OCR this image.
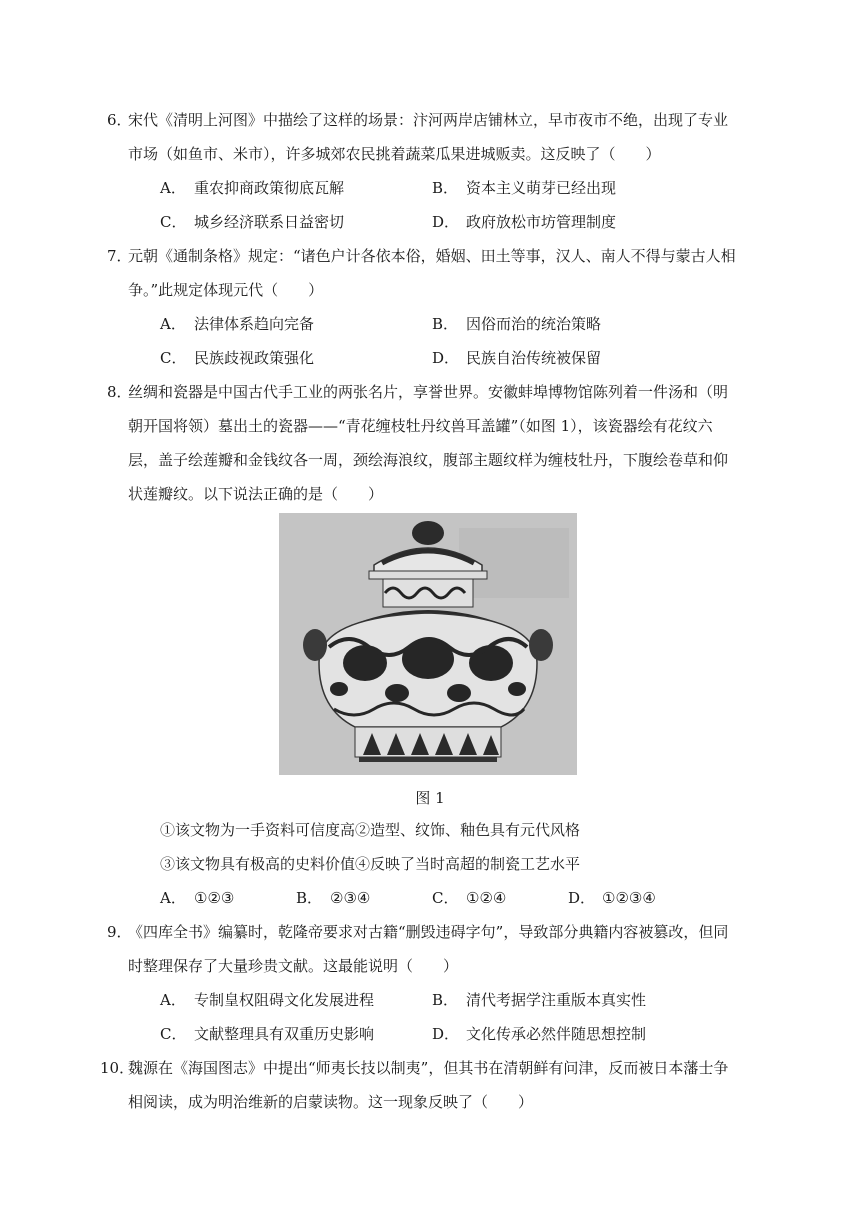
6．
宋代《清明上河图》中描绘了这样的场景：汴河两岸店铺林立，早市夜市不绝，出现了专业市场（如鱼市、米市），许多城郊农民挑着蔬菜瓜果进城贩卖。这反映了（　　）
A． 重农抑商政策彻底瓦解	B． 资本主义萌芽已经出现
C． 城乡经济联系日益密切	D． 政府放松市坊管理制度
7．
元朝《通制条格》规定：“诸色户计各依本俗，婚姻、田土等事，汉人、南人不得与蒙古人相争。”此规定体现元代（　　）
A． 法律体系趋向完备	B． 因俗而治的统治策略
C． 民族歧视政策强化	D． 民族自治传统被保留
8．
丝绸和瓷器是中国古代手工业的两张名片，享誉世界。安徽蚌埠博物馆陈列着一件汤和（明朝开国将领）墓出土的瓷器——“青花缠枝牡丹纹兽耳盖罐”（如图 1），该瓷器绘有花纹六层，盖子绘莲瓣和金钱纹各一周，颈绘海浪纹，腹部主题纹样为缠枝牡丹，下腹绘卷草和仰状莲瓣纹。以下说法正确的是（　　）
图 1
①该文物为一手资料可信度高②造型、纹饰、釉色具有元代风格
③该文物具有极高的史料价值④反映了当时高超的制瓷工艺水平
A． ①②③	B． ②③④	C． ①②④	D． ①②③④
9．
《四库全书》编纂时，乾隆帝要求对古籍“删毁违碍字句”，导致部分典籍内容被篡改，但同时整理保存了大量珍贵文献。这最能说明（　　）
A． 专制皇权阻碍文化发展进程	B． 清代考据学注重版本真实性
C． 文献整理具有双重历史影响	D． 文化传承必然伴随思想控制
10．
魏源在《海国图志》中提出“师夷长技以制夷”，但其书在清朝鲜有问津，反而被日本藩士争相阅读，成为明治维新的启蒙读物。这一现象反映了（　　）
